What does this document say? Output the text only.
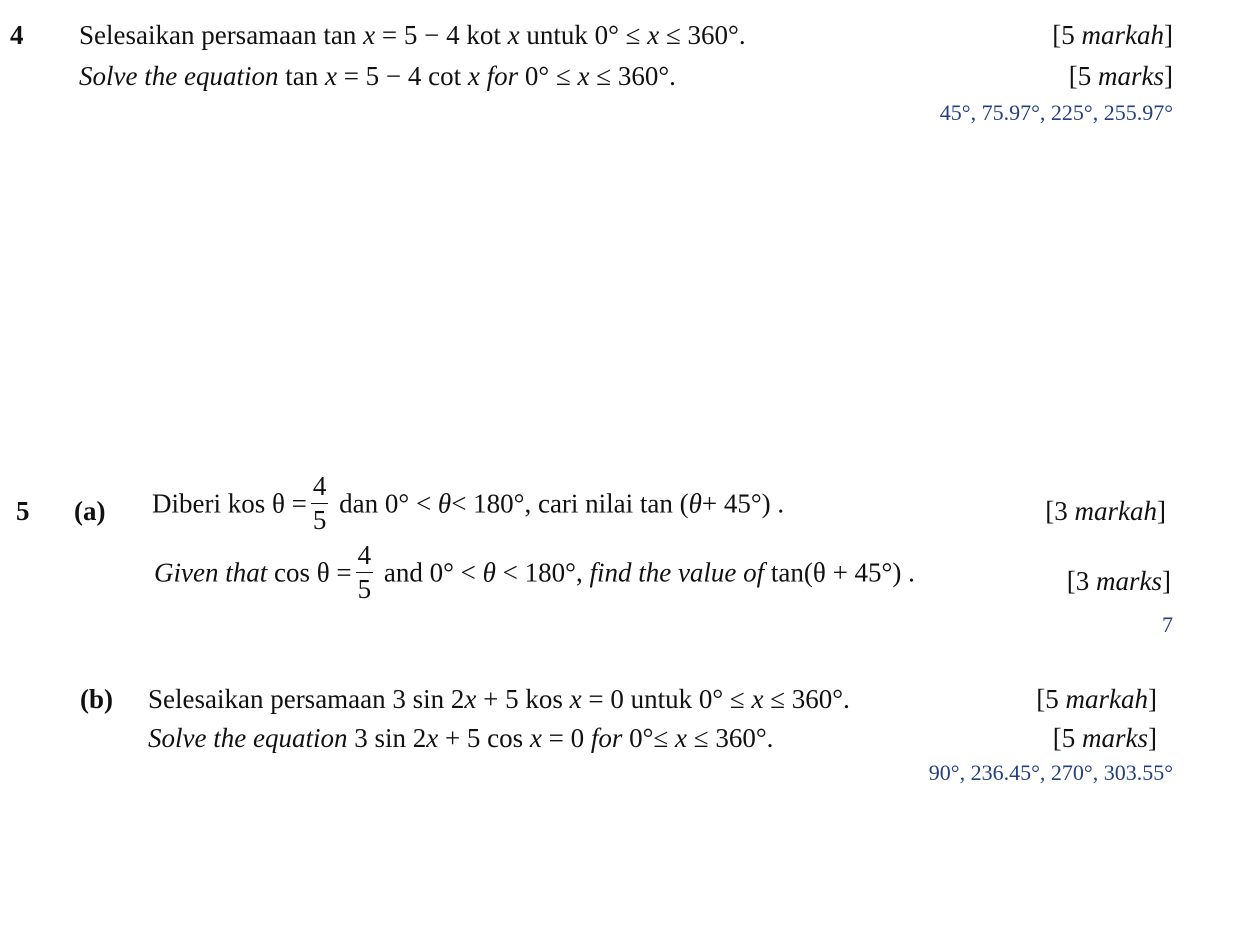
4 Selesaikan persamaan tan x = 5 − 4 kot x untuk 0° ≤ x ≤ 360°.	[5 markah]
Solve the equation tan x = 5 − 4 cot x for 0° ≤ x ≤ 360°.	[5 marks]
45°, 75.97°, 225°, 255.97°
5 (a) Diberi kos $\theta = \frac{4}{5}$ dan 0° < θ< 180°, cari nilai tan (θ+ 45°) .	[3 markah]
Given that $\cos \theta = \frac{4}{5}$ and 0° < θ < 180°, find the value of tan(θ + 45°) .	[3 marks]
7
(b) Selesaikan persamaan 3 sin 2x + 5 kos x = 0 untuk 0° ≤ x ≤ 360°.	[5 markah]
Solve the equation 3 sin 2x + 5 cos x = 0 for 0°≤ x ≤ 360°.	[5 marks]
90°, 236.45°, 270°, 303.55°
